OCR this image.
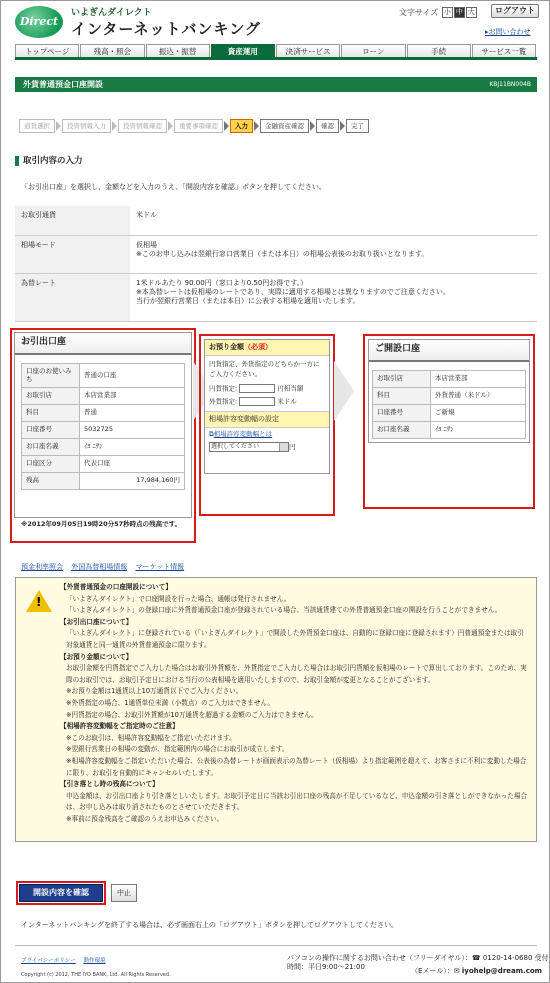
Direct
いよぎんダイレクト
インターネットバンキング
文字サイズ 小 中 大	ログアウト
▸お問い合わせ
トップページ	残高・照会	振込・振替	資産運用	決済サービス	ローン	手続	サービス一覧
外貨普通預金口座開設	KBJ11BN004B
通貨選択	投資情報入力	投資情報確認	重要事項確認	入力	金融資産確認	確認	完了
取引内容の入力
「お引出口座」を選択し、金額などを入力のうえ、「開設内容を確認」ボタンを押してください。
お取引通貨	米ドル

相場モード	仮相場
※このお申し込みは翌銀行窓口営業日（または本日）の相場公表後のお取り扱いとなります。

為替レート	1米ドルあたり 90.00円（窓口より0.50円お得です。）
※本為替レートは仮相場のレートであり、実際に適用する相場とは異なりますのでご注意ください。
当行が翌銀行営業日（または本日）に公表する相場を適用いたします。
お引出口座
口座のお使いみち	普通の口座
お取引店	本店営業部
科目	普通
口座番号	5032725
お口座名義	ｲﾖ ﾆｻﾝ
口座区分	代表口座
残高	17,984,160円
※2012年09月05日19時20分57秒時点の残高です。
お預り金額（必須）
円貨指定、外貨指定のどちらか一方にご入力ください。
円貨指定:	円相当額
外貨指定:	米ドル
相場許容変動幅の設定
⧉相場許容変動幅とは
選択してください	円
ご開設口座
お取引店	本店営業部
科目	外貨普通（米ドル）
口座番号	ご新規
お口座名義	ｲﾖ ﾆｻﾝ
預金利率照会 外国為替相場情報 マーケット情報
!
【外貨普通預金の口座開設について】
「いよぎんダイレクト」で口座開設を行った場合、通帳は発行されません。
「いよぎんダイレクト」の登録口座に外貨普通預金口座が登録されている場合、当該通貨建ての外貨普通預金口座の開設を行うことができません。
【お引出口座について】
「いよぎんダイレクト」に登録されている（「いよぎんダイレクト」で開設した外貨預金口座は、自動的に登録口座に登録されます）円普通預金または取引対象通貨と同一通貨の外貨普通預金に限ります。
【お預り金額について】
お取引金額を円貨指定でご入力した場合はお取引外貨額を、外貨指定でご入力した場合はお取引円貨額を仮相場のレートで算出しております。このため、実際のお取引では、お取引予定日における当行の公表相場を適用いたしますので、お取引金額が変更となることがございます。
※お預り金額は1通貨以上10万通貨以下でご入力ください。
※外貨指定の場合、1通貨単位未満（小数点）のご入力はできません。
※円貨指定の場合、お取引外貨額が10万通貨を超過する金額のご入力はできません。
【相場許容変動幅をご指定時のご注意】
※このお取引は、相場許容変動幅をご指定いただけます。
※翌銀行営業日の相場の変動が、指定範囲内の場合にお取引が成立します。
※相場許容変動幅をご指定いただいた場合、公表後の為替レートが画面表示の為替レート（仮相場）より指定範囲を超えて、お客さまに不利に変動した場合に限り、お取引を自動的にキャンセルいたします。
【引き落とし時の残高について】
申込金額は、お引出口座より引き落としいたします。お取引予定日に当該お引出口座の残高が不足しているなど、申込金額の引き落としができなかった場合は、お申し込みは取り消されたものとさせていただきます。
※事前に預金残高をご確認のうえお申込みください。
開設内容を確認	中止
インターネットバンキングを終了する場合は、必ず画面右上の「ログアウト」ボタンを押してログアウトしてください。
プライバシーポリシー 動作環境
Copyright (c) 2012, THE IYO BANK, Ltd. All Rights Reserved.
パソコンの操作に関するお問い合わせ（フリーダイヤル）：☎ 0120-14-0680 受付時間：平日9:00～21:00	（Eメール）：✉ iyohelp@dream.com
